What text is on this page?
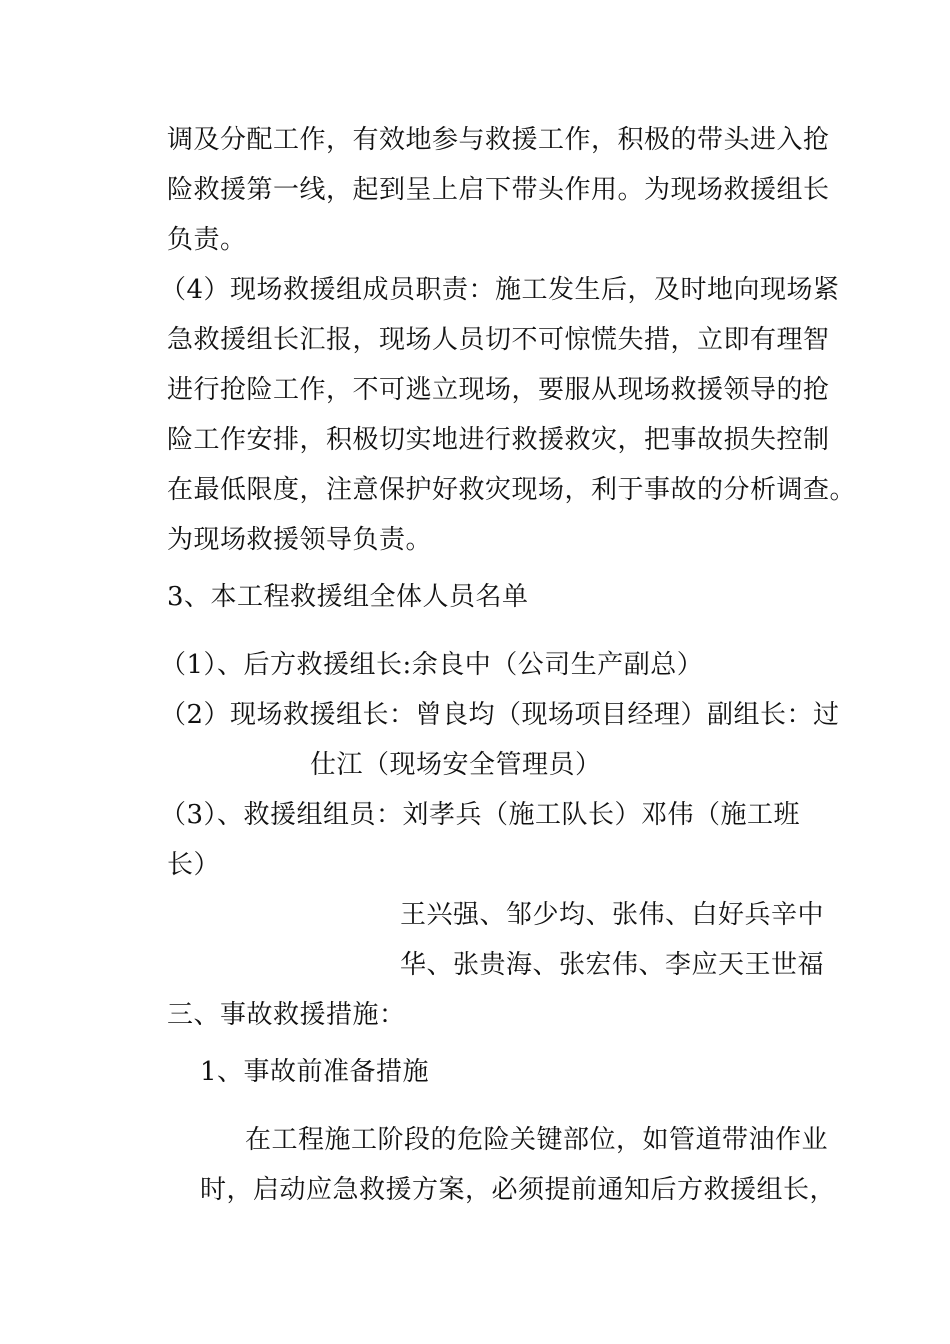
调及分配工作，有效地参与救援工作，积极的带头进入抢
险救援第一线，起到呈上启下带头作用。为现场救援组长
负责。
（4）现场救援组成员职责：施工发生后，及时地向现场紧
急救援组长汇报，现场人员切不可惊慌失措，立即有理智
进行抢险工作，不可逃立现场，要服从现场救援领导的抢
险工作安排，积极切实地进行救援救灾，把事故损失控制
在最低限度，注意保护好救灾现场，利于事故的分析调查。
为现场救援领导负责。
3、本工程救援组全体人员名单
（1）、后方救援组长:余良中（公司生产副总）
（2）现场救援组长：曾良均（现场项目经理）副组长：过
仕江（现场安全管理员）
（3）、救援组组员：刘孝兵（施工队长）邓伟（施工班
长）
王兴强、邹少均、张伟、白好兵辛中
华、张贵海、张宏伟、李应天王世福
三、事故救援措施：
1、事故前准备措施
在工程施工阶段的危险关键部位，如管道带油作业
时，启动应急救援方案，必须提前通知后方救援组长，
